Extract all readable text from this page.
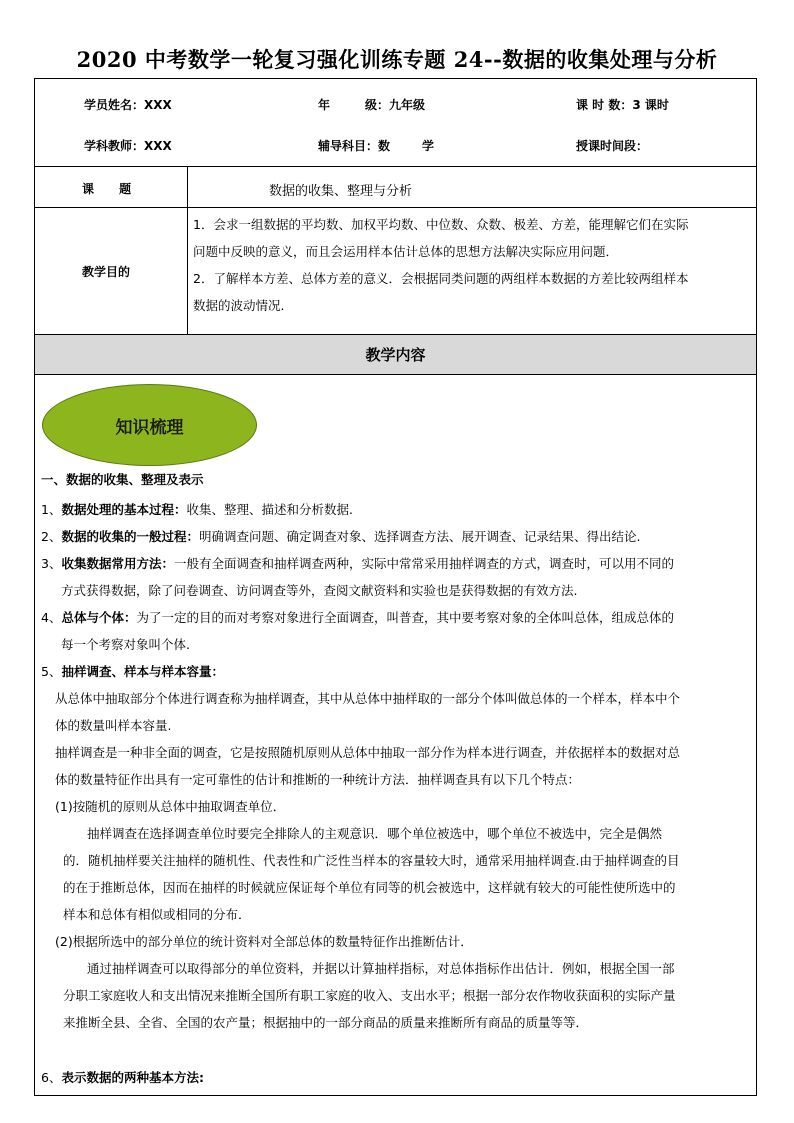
2020 中考数学一轮复习强化训练专题 24--数据的收集处理与分析
学员姓名：XXX	年	级：九年级	课 时 数：3 课时
学科教师：XXX	辅导科目：数	学	授课时间段：
课      题	数据的收集、整理与分析
教学目的
1．会求一组数据的平均数、加权平均数、中位数、众数、极差、方差，能理解它们在实际
问题中反映的意义，而且会运用样本估计总体的思想方法解决实际应用问题．
2．了解样本方差、总体方差的意义．会根据同类问题的两组样本数据的方差比较两组样本
数据的波动情况.
教学内容
知识梳理
一、数据的收集、整理及表示
1、数据处理的基本过程：收集、整理、描述和分析数据.
2、数据的收集的一般过程：明确调查问题、确定调查对象、选择调查方法、展开调查、记录结果、得出结论.
3、收集数据常用方法：一般有全面调查和抽样调查两种，实际中常常采用抽样调查的方式，调查时，可以用不同的
方式获得数据，除了问卷调查、访问调查等外，查阅文献资料和实验也是获得数据的有效方法.
4、总体与个体：为了一定的目的而对考察对象进行全面调查，叫普查，其中要考察对象的全体叫总体，组成总体的
每一个考察对象叫个体.
5、抽样调查、样本与样本容量：
从总体中抽取部分个体进行调查称为抽样调查，其中从总体中抽样取的一部分个体叫做总体的一个样本，样本中个
体的数量叫样本容量.
抽样调查是一种非全面的调查，它是按照随机原则从总体中抽取一部分作为样本进行调查，并依据样本的数据对总
体的数量特征作出具有一定可靠性的估计和推断的一种统计方法．抽样调查具有以下几个特点：
(1)按随机的原则从总体中抽取调查单位．
抽样调查在选择调查单位时要完全排除人的主观意识．哪个单位被选中，哪个单位不被选中，完全是偶然
的．随机抽样要关注抽样的随机性、代表性和广泛性当样本的容量较大时，通常采用抽样调查.由于抽样调查的目
的在于推断总体，因而在抽样的时候就应保证每个单位有同等的机会被选中，这样就有较大的可能性使所选中的
样本和总体有相似或相同的分布．
(2)根据所选中的部分单位的统计资料对全部总体的数量特征作出推断估计．
通过抽样调查可以取得部分的单位资料，并据以计算抽样指标，对总体指标作出估计．例如，根据全国一部
分职工家庭收人和支出情况来推断全国所有职工家庭的收入、支出水平；根据一部分农作物收获面积的实际产量
来推断全县、全省、全国的农产量；根据抽中的一部分商品的质量来推断所有商品的质量等等．
6、表示数据的两种基本方法:
